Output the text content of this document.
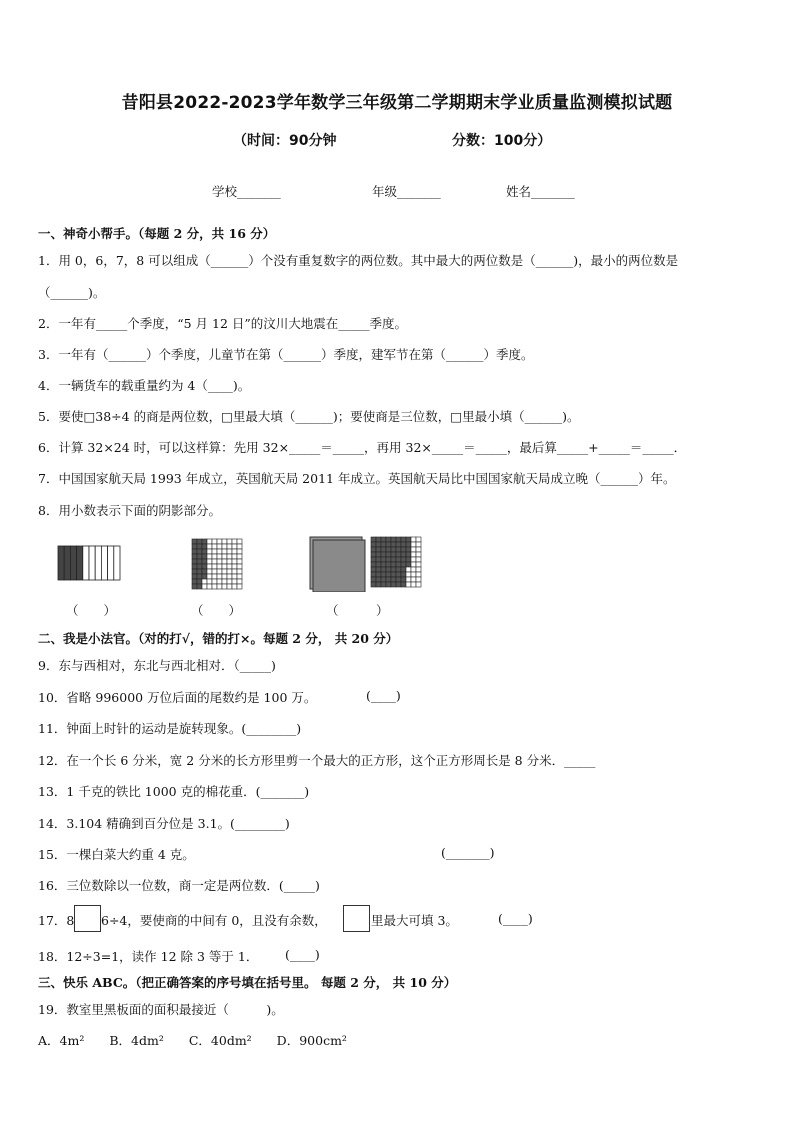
昔阳县2022-2023学年数学三年级第二学期期末学业质量监测模拟试题
（时间：90分钟	分数：100分）
学校_______	年级_______	姓名_______
一、神奇小帮手。（每题 2 分，共 16 分）
1．用 0，6，7，8 可以组成（______）个没有重复数字的两位数。其中最大的两位数是（______)，最小的两位数是
（______)。
2．一年有_____个季度，“5 月 12 日”的汶川大地震在_____季度。
3．一年有（______）个季度，儿童节在第（______）季度，建军节在第（______）季度。
4．一辆货车的载重量约为 4（____)。
5．要使□38÷4 的商是两位数，□里最大填（______)；要使商是三位数，□里最小填（______)。
6．计算 32×24 时，可以这样算：先用 32×_____＝_____，再用 32×_____＝_____，最后算_____+_____＝_____．
7．中国国家航天局 1993 年成立，英国航天局 2011 年成立。英国航天局比中国国家航天局成立晚（______）年。
8．用小数表示下面的阴影部分。
（　　）	（　　）	（　　　）
二、我是小法官。（对的打√，错的打×。每题 2 分， 共 20 分）
9．东与西相对，东北与西北相对．（_____)
10．省略 996000 万位后面的尾数约是 100 万。	(____)
11．钟面上时针的运动是旋转现象。(________)
12．在一个长 6 分米，宽 2 分米的长方形里剪一个最大的正方形，这个正方形周长是 8 分米．_____
13．1 千克的铁比 1000 克的棉花重．(_______)
14．3.104 精确到百分位是 3.1。(________)
15．一棵白菜大约重 4 克。	(_______)
16．三位数除以一位数，商一定是两位数．(_____)
17．8 6÷4，要使商的中间有 0，且没有余数，	里最大可填 3。	(____)
18．12÷3=1，读作 12 除 3 等于 1． (____)
三、快乐 ABC。（把正确答案的序号填在括号里。 每题 2 分， 共 10 分）
19．教室里黑板面的面积最接近（　　　)。
A．4m²　　B．4dm²　　C．40dm²　　D．900cm²
